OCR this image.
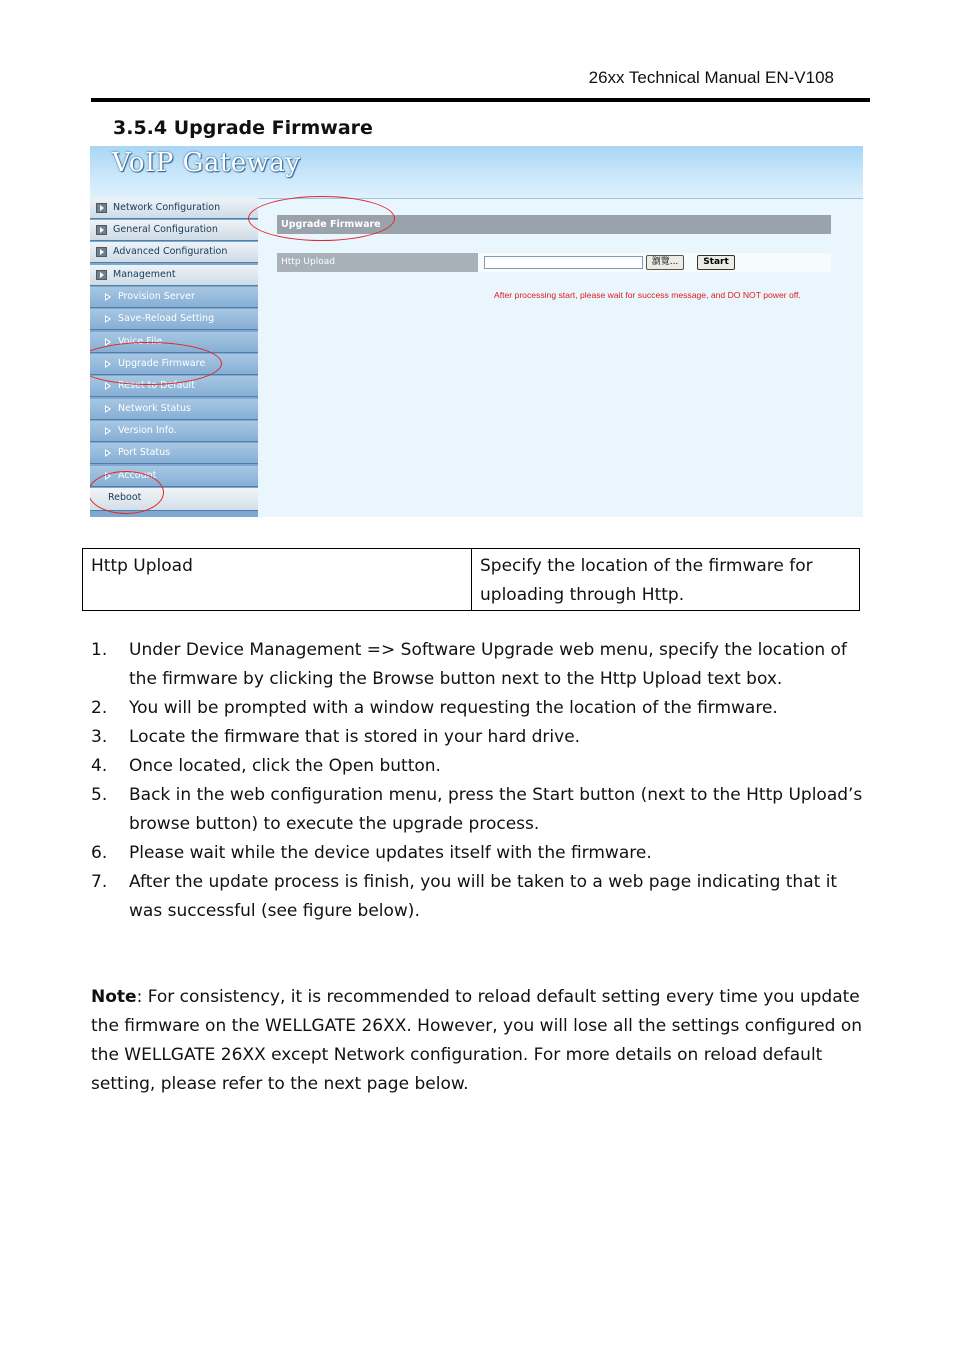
26xx Technical Manual EN-V108
3.5.4 Upgrade Firmware
VoIP Gateway
Network Configuration
General Configuration
Advanced Configuration
Management
Provision Server
Save-Reload Setting
Voice File
Upgrade Firmware
Reset to Default
Network Status
Version Info.
Port Status
Account
Reboot
Upgrade Firmware
Http Upload	瀏覽...	Start
After processing start, please wait for success message, and DO NOT power off.
Http Upload	Specify the location of the firmware for uploading through Http.
1. Under Device Management => Software Upgrade web menu, specify the location of the firmware by clicking the Browse button next to the Http Upload text box.
2. You will be prompted with a window requesting the location of the firmware.
3. Locate the firmware that is stored in your hard drive.
4. Once located, click the Open button.
5. Back in the web configuration menu, press the Start button (next to the Http Upload’s browse button) to execute the upgrade process.
6. Please wait while the device updates itself with the firmware.
7. After the update process is finish, you will be taken to a web page indicating that it was successful (see figure below).

Note: For consistency, it is recommended to reload default setting every time you update the firmware on the WELLGATE 26XX. However, you will lose all the settings configured on the WELLGATE 26XX except Network configuration. For more details on reload default setting, please refer to the next page below.
